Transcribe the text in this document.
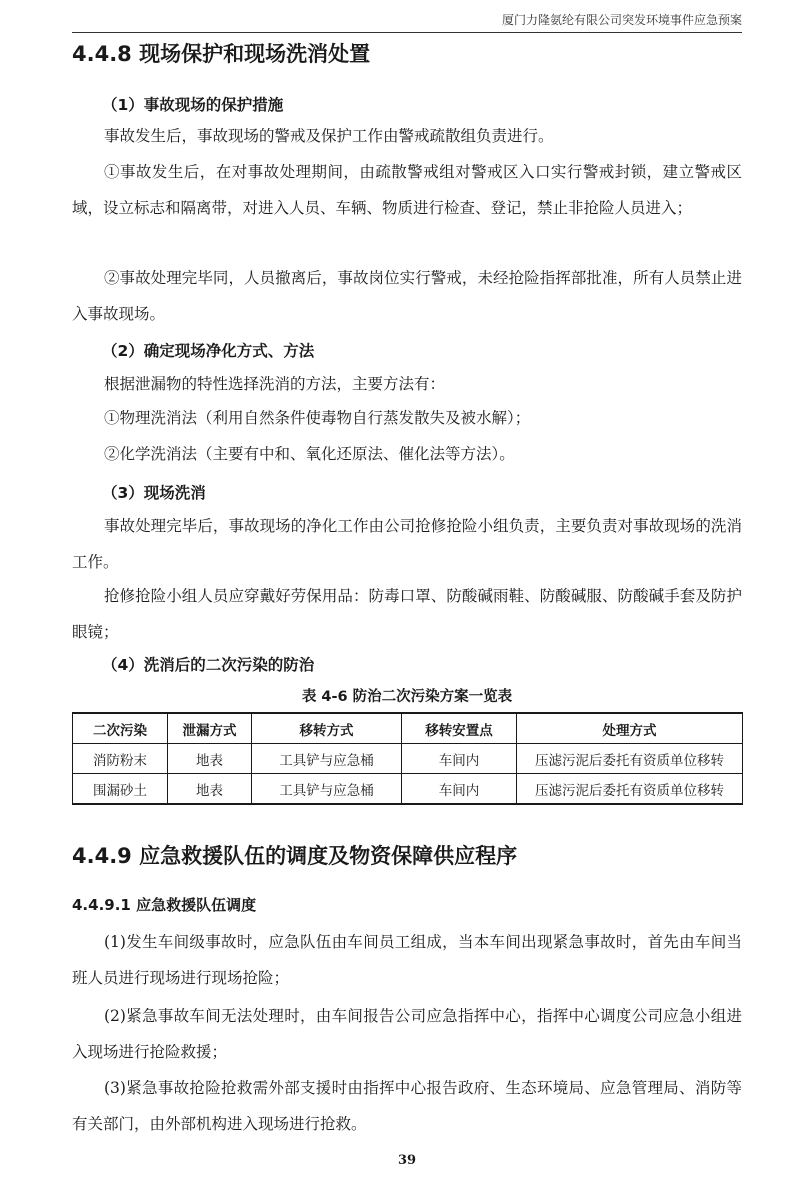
厦门力隆氨纶有限公司突发环境事件应急预案
4.4.8 现场保护和现场洗消处置
（1）事故现场的保护措施

事故发生后，事故现场的警戒及保护工作由警戒疏散组负责进行。

①事故发生后，在对事故处理期间，由疏散警戒组对警戒区入口实行警戒封锁，建立警戒区域，设立标志和隔离带，对进入人员、车辆、物质进行检查、登记，禁止非抢险人员进入；

②事故处理完毕同，人员撤离后，事故岗位实行警戒，未经抢险指挥部批准，所有人员禁止进入事故现场。

（2）确定现场净化方式、方法

根据泄漏物的特性选择洗消的方法，主要方法有：

①物理洗消法（利用自然条件使毒物自行蒸发散失及被水解）；

②化学洗消法（主要有中和、氧化还原法、催化法等方法）。

（3）现场洗消

事故处理完毕后，事故现场的净化工作由公司抢修抢险小组负责，主要负责对事故现场的洗消工作。

抢修抢险小组人员应穿戴好劳保用品：防毒口罩、防酸碱雨鞋、防酸碱服、防酸碱手套及防护眼镜；

（4）洗消后的二次污染的防治
表 4-6 防治二次污染方案一览表
二次污染	泄漏方式	移转方式	移转安置点	处理方式
消防粉末	地表	工具铲与应急桶	车间内	压滤污泥后委托有资质单位移转
围漏砂土	地表	工具铲与应急桶	车间内	压滤污泥后委托有资质单位移转
4.4.9 应急救援队伍的调度及物资保障供应程序
4.4.9.1 应急救援队伍调度

(1)发生车间级事故时，应急队伍由车间员工组成，当本车间出现紧急事故时，首先由车间当班人员进行现场进行现场抢险；

(2)紧急事故车间无法处理时，由车间报告公司应急指挥中心，指挥中心调度公司应急小组进入现场进行抢险救援；

(3)紧急事故抢险抢救需外部支援时由指挥中心报告政府、生态环境局、应急管理局、消防等有关部门，由外部机构进入现场进行抢救。

39
